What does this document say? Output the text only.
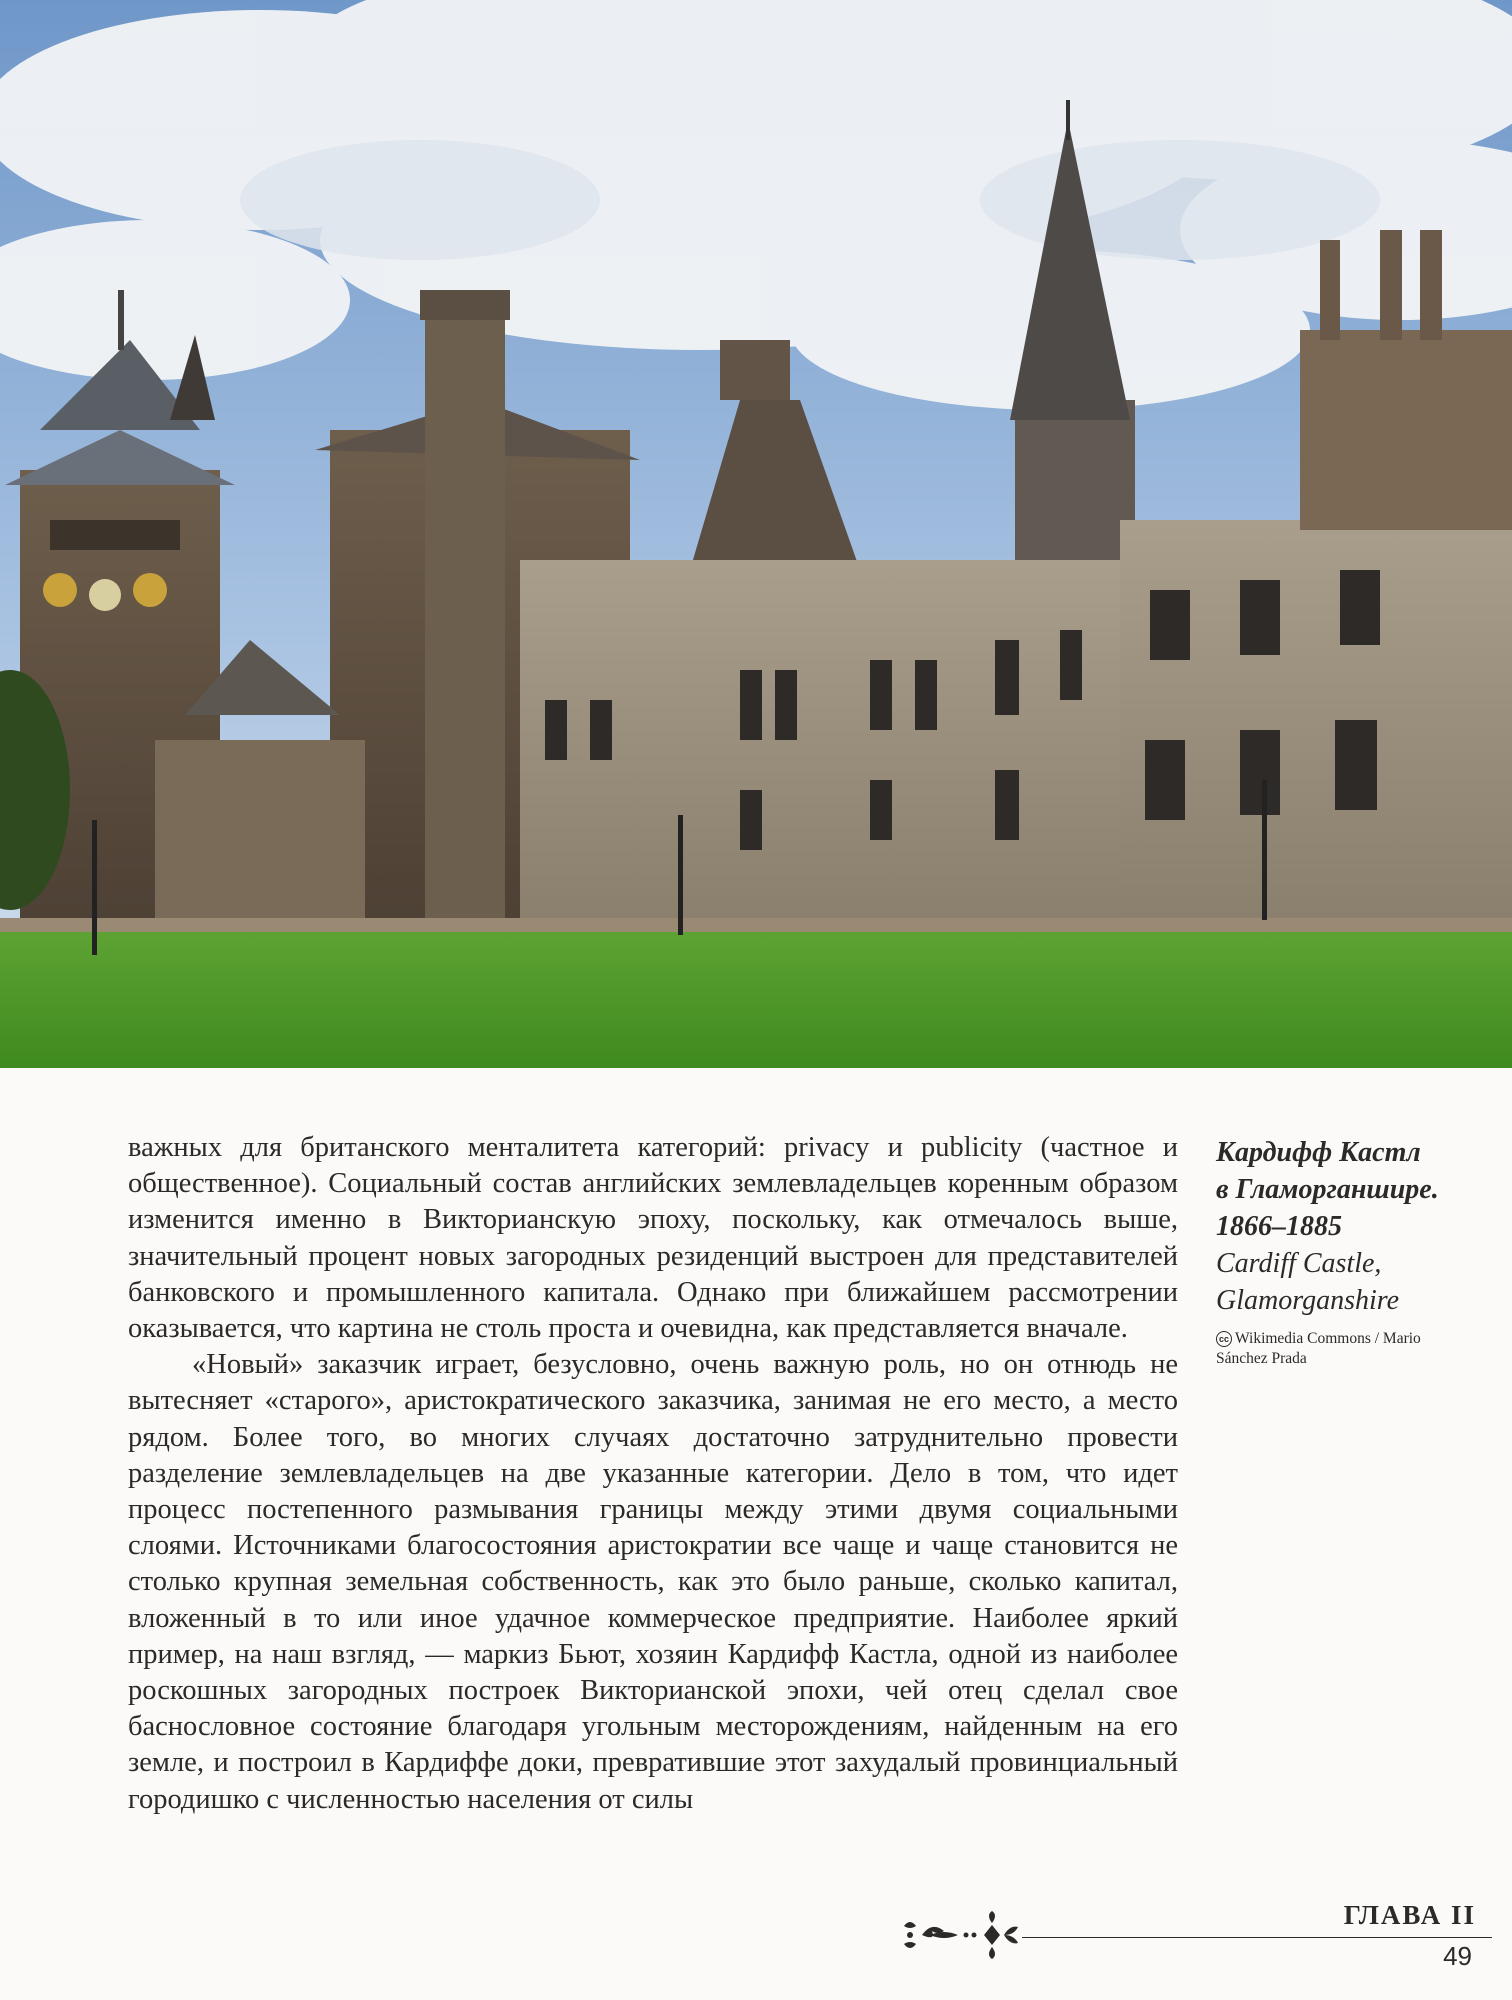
важных для британского менталитета категорий: privacy и publicity (частное и общественное). Социальный состав английских землевладельцев коренным образом изменится именно в Викторианскую эпоху, поскольку, как отмечалось выше, значительный процент новых загородных резиденций выстроен для представителей банковского и промышленного капитала. Однако при ближайшем рассмотрении оказывается, что картина не столь проста и очевидна, как представляется вначале.

«Новый» заказчик играет, безусловно, очень важную роль, но он отнюдь не вытесняет «старого», аристократического заказчика, занимая не его место, а место рядом. Более того, во многих случаях достаточно затруднительно провести разделение землевладельцев на две указанные категории. Дело в том, что идет процесс постепенного размывания границы между этими двумя социальными слоями. Источниками благосостояния аристократии все чаще и чаще становится не столько крупная земельная собственность, как это было раньше, сколько капитал, вложенный в то или иное удачное коммерческое предприятие. Наиболее яркий пример, на наш взгляд, — маркиз Бьют, хозяин Кардифф Кастла, одной из наиболее роскошных загородных построек Викторианской эпохи, чей отец сделал свое баснословное состояние благодаря угольным месторождениям, найденным на его земле, и построил в Кардиффе доки, превратившие этот захудалый провинциальный городишко с численностью населения от силы

Кардифф Кастл
в Гламорганшире.
1866–1885

Cardiff Castle,
Glamorganshire

cc Wikimedia Commons / Mario
Sánchez Prada
ГЛАВА II
49
